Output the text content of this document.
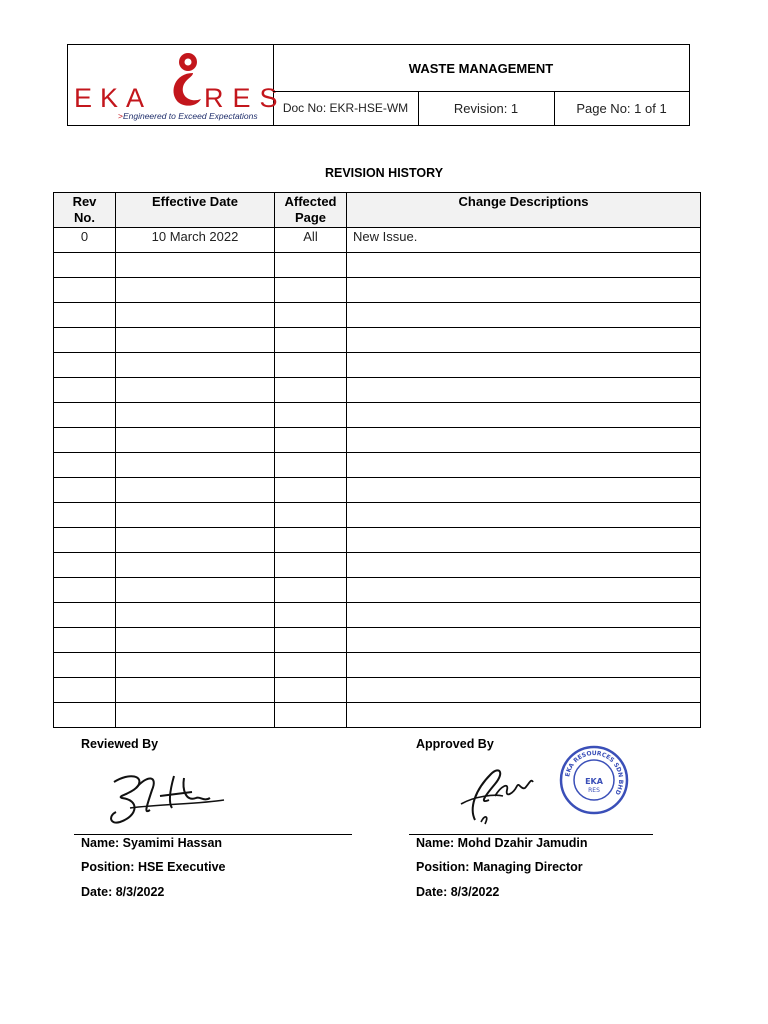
EKA RES
>Engineered to Exceed Expectations
WASTE MANAGEMENT
Doc No: EKR-HSE-WM	Revision: 1	Page No: 1 of 1
REVISION HISTORY
Rev No.	Effective Date	Affected Page	Change Descriptions
0	10 March 2022	All	New Issue.

Reviewed By
Name: Syamimi Hassan
Position: HSE Executive
Date: 8/3/2022
Approved By
EKA RESOURCES SDN BHD
EKA
RES
Name: Mohd Dzahir Jamudin
Position: Managing Director
Date: 8/3/2022
